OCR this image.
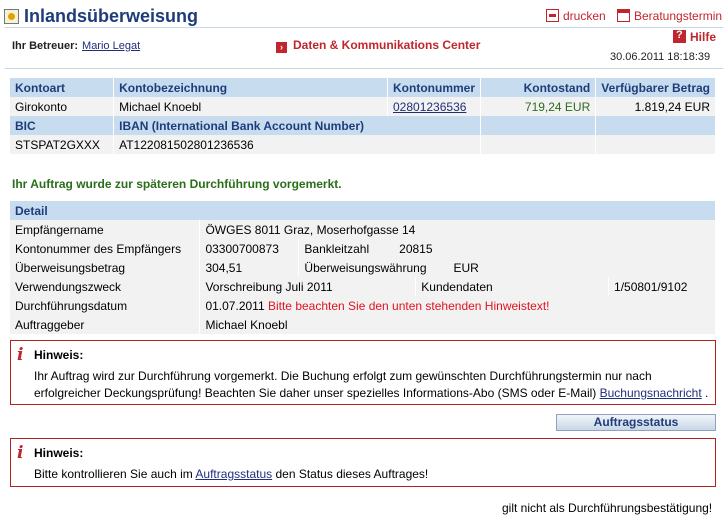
Inlandsüberweisung	drucken	Beratungstermin
Ihr Betreuer: Mario Legat	› Daten & Kommunikations Center
?Hilfe
30.06.2011 18:18:39
Kontoart	Kontobezeichnung	Kontonummer	Kontostand	Verfügbarer Betrag
Girokonto	Michael Knoebl	02801236536	719,24 EUR	1.819,24 EUR
BIC	IBAN (International Bank Account Number)			
STSPAT2GXXX	AT122081502801236536			
Ihr Auftrag wurde zur späteren Durchführung vorgemerkt.
Detail				
Empfängername	ÖWGES 8011 Graz, Moserhofgasse 14			
Kontonummer des Empfängers	03300700873	Bankleitzahl 20815		
Überweisungsbetrag	304,51	Überweisungswährung EUR		
Verwendungszweck	Vorschreibung Juli 2011		Kundendaten	1/50801/9102
Durchführungsdatum	01.07.2011 Bitte beachten Sie den unten stehenden Hinweistext!			
Auftraggeber	Michael Knoebl			
i Hinweis:
Ihr Auftrag wird zur Durchführung vorgemerkt. Die Buchung erfolgt zum gewünschten Durchführungstermin nur nach
erfolgreicher Deckungsprüfung! Beachten Sie daher unser spezielles Informations-Abo (SMS oder E-Mail) Buchungsnachricht .
Auftragsstatus
i Hinweis:
Bitte kontrollieren Sie auch im Auftragsstatus den Status dieses Auftrages!
gilt nicht als Durchführungsbestätigung!
